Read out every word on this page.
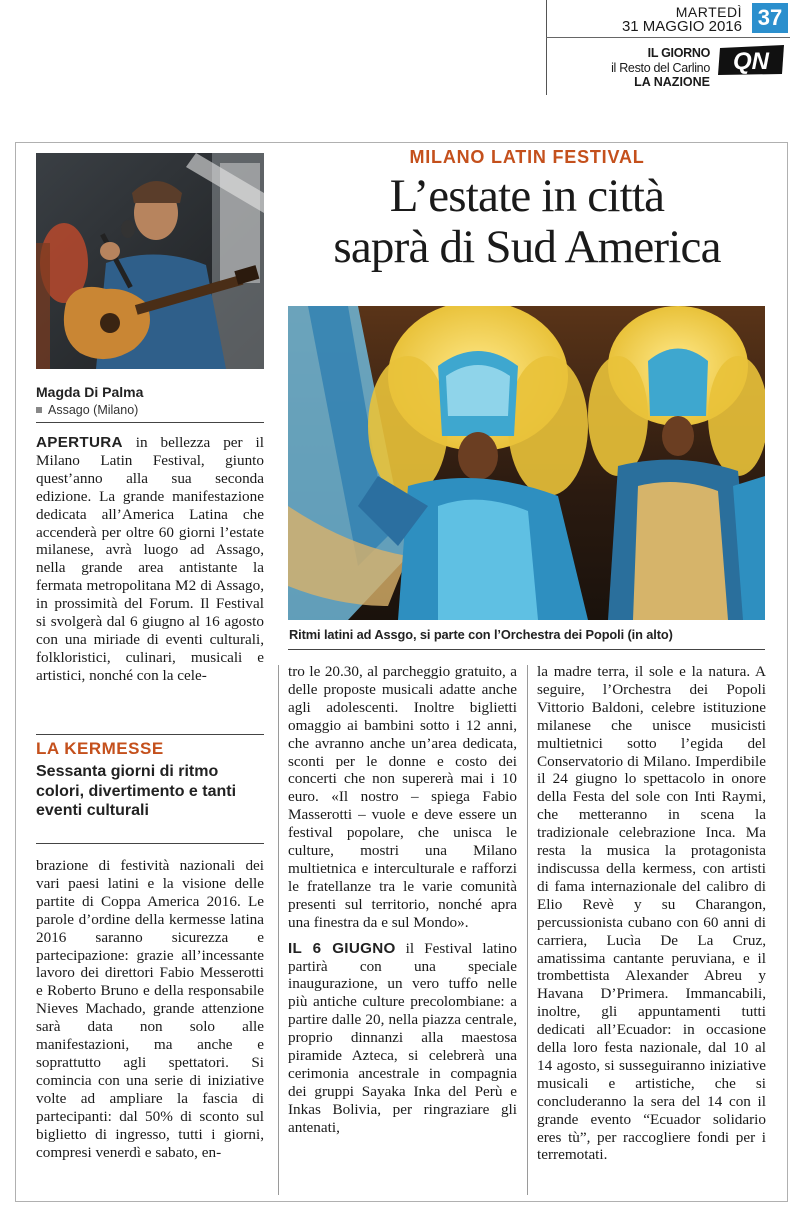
MARTEDÌ
31 MAGGIO 2016 37
IL GIORNO
il Resto del Carlino
LA NAZIONE
QN
Magda Di Palma
Assago (Milano)

APERTURA in bellezza per il Milano Latin Festival, giunto quest’anno alla sua seconda edizione. La grande manifestazione dedicata all’America Latina che accenderà per oltre 60 giorni l’estate milanese, avrà luogo ad Assago, nella grande area antistante la fermata metropolitana M2 di Assago, in prossimità del Forum. Il Festival si svolgerà dal 6 giugno al 16 agosto con una miriade di eventi culturali, folkloristici, culinari, musicali e artistici, nonché con la cele-

LA KERMESSE
Sessanta giorni di ritmo colori, divertimento e tanti eventi culturali

brazione di festività nazionali dei vari paesi latini e la visione delle partite di Coppa America 2016. Le parole d’ordine della kermesse latina 2016 saranno sicurezza e partecipazione: grazie all’incessante lavoro dei direttori Fabio Messerotti e Roberto Bruno e della responsabile Nieves Machado, grande attenzione sarà data non solo alle manifestazioni, ma anche e soprattutto agli spettatori. Si comincia con una serie di iniziative volte ad ampliare la fascia di partecipanti: dal 50% di sconto sul biglietto di ingresso, tutti i giorni, compresi venerdì e sabato, en-

MILANO LATIN FESTIVAL
L’estate in città
saprà di Sud America
Ritmi latini ad Assgo, si parte con l’Orchestra dei Popoli (in alto)

tro le 20.30, al parcheggio gratuito, a delle proposte musicali adatte anche agli adolescenti. Inoltre biglietti omaggio ai bambini sotto i 12 anni, che avranno anche un’area dedicata, sconti per le donne e costo dei concerti che non supererà mai i 10 euro. «Il nostro – spiega Fabio Masserotti – vuole e deve essere un festival popolare, che unisca le culture, mostri una Milano multietnica e interculturale e rafforzi le fratellanze tra le varie comunità presenti sul territorio, nonché apra una finestra da e sul Mondo».

IL 6 GIUGNO il Festival latino partirà con una speciale inaugurazione, un vero tuffo nelle più antiche culture precolombiane: a partire dalle 20, nella piazza centrale, proprio dinnanzi alla maestosa piramide Azteca, si celebrerà una cerimonia ancestrale in compagnia dei gruppi Sayaka Inka del Perù e Inkas Bolivia, per ringraziare gli antenati,

la madre terra, il sole e la natura. A seguire, l’Orchestra dei Popoli Vittorio Baldoni, celebre istituzione milanese che unisce musicisti multietnici sotto l’egida del Conservatorio di Milano. Imperdibile il 24 giugno lo spettacolo in onore della Festa del sole con Inti Raymi, che metteranno in scena la tradizionale celebrazione Inca. Ma resta la musica la protagonista indiscussa della kermess, con artisti di fama internazionale del calibro di Elio Revè y su Charangon, percussionista cubano con 60 anni di carriera, Lucìa De La Cruz, amatissima cantante peruviana, e il trombettista Alexander Abreu y Havana D’Primera. Immancabili, inoltre, gli appuntamenti tutti dedicati all’Ecuador: in occasione della loro festa nazionale, dal 10 al 14 agosto, si susseguiranno iniziative musicali e artistiche, che si concluderanno la sera del 14 con il grande evento “Ecuador solidario eres tù”, per raccogliere fondi per i terremotati.
